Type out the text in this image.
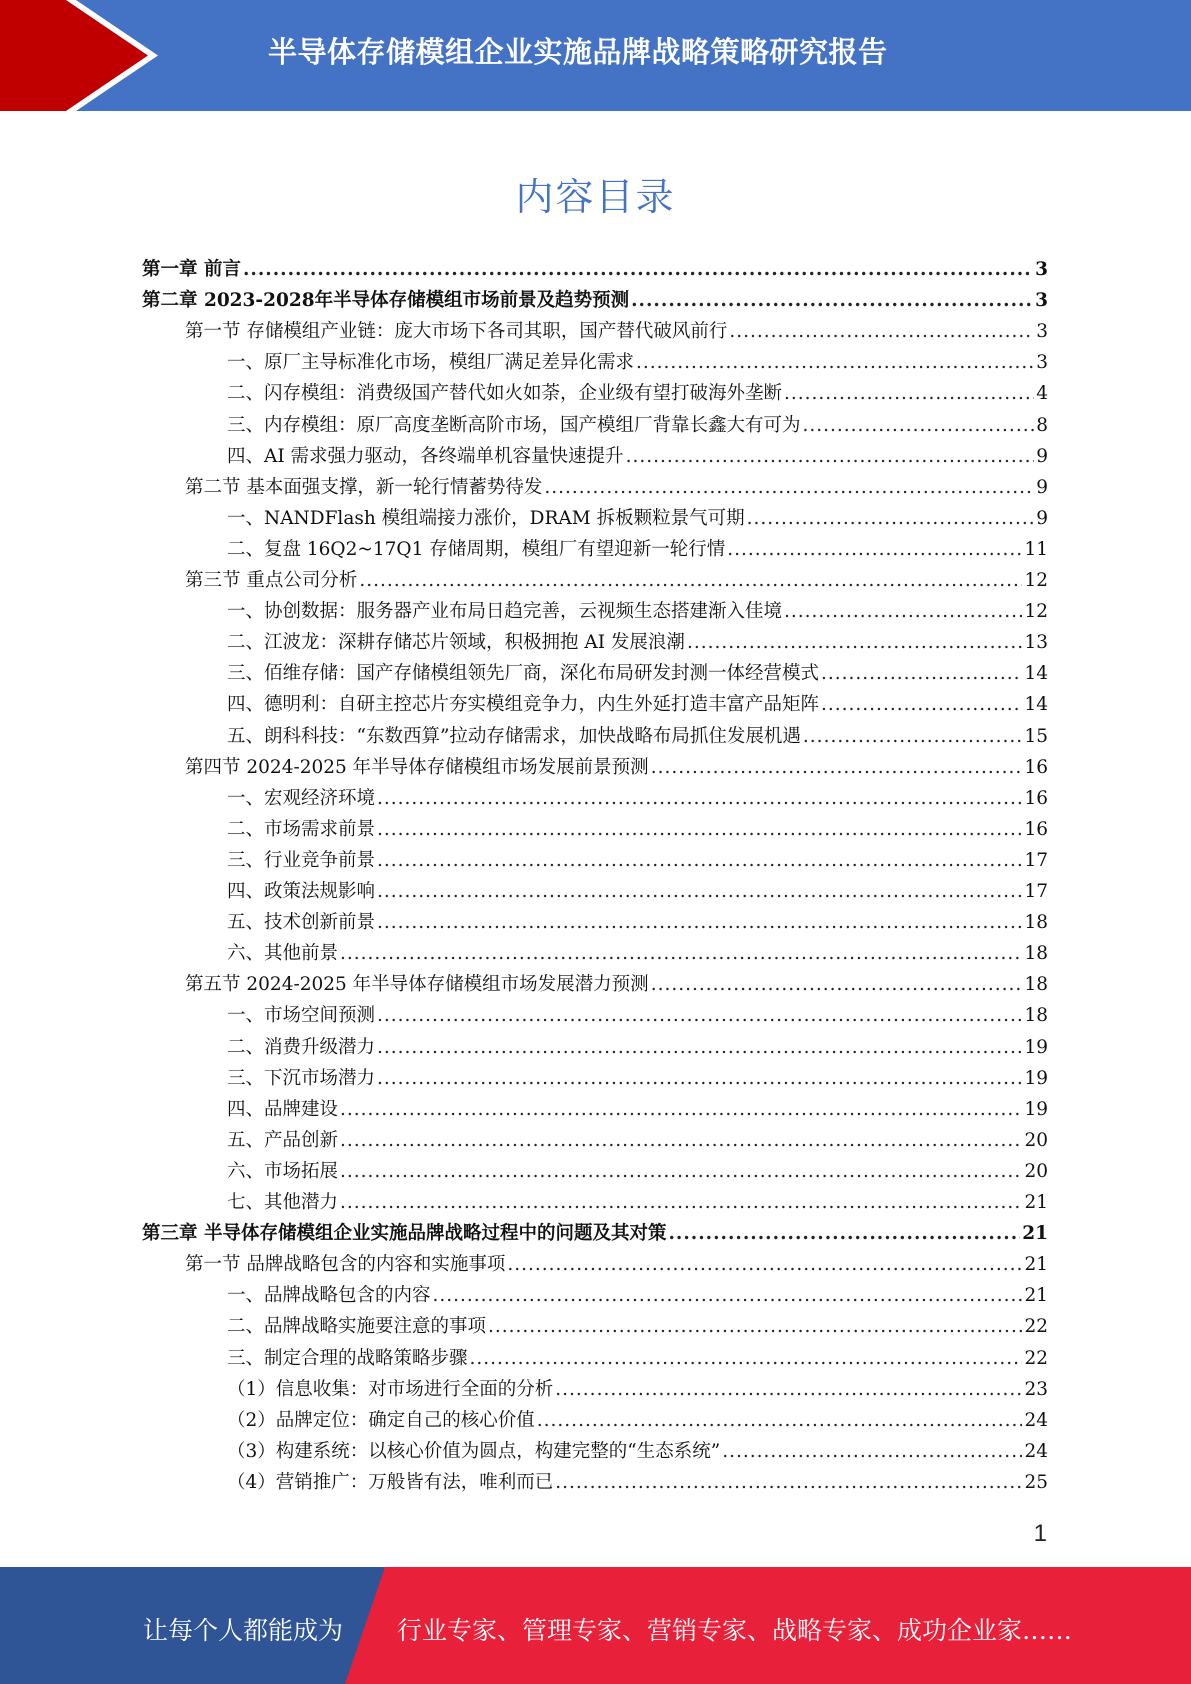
半导体存储模组企业实施品牌战略策略研究报告
内容目录
第一章 前言 .....	3
第二章 2023-2028年半导体存储模组市场前景及趋势预测 .....	3
第一节 存储模组产业链：庞大市场下各司其职，国产替代破风前行 .....	3
一、原厂主导标准化市场，模组厂满足差异化需求 .....	3
二、闪存模组：消费级国产替代如火如荼，企业级有望打破海外垄断 .....	4
三、内存模组：原厂高度垄断高阶市场，国产模组厂背靠长鑫大有可为 .....	8
四、AI 需求强力驱动，各终端单机容量快速提升 .....	9
第二节 基本面强支撑，新一轮行情蓄势待发 .....	9
一、NANDFlash 模组端接力涨价，DRAM 拆板颗粒景气可期 .....	9
二、复盘 16Q2~17Q1 存储周期，模组厂有望迎新一轮行情 .....	11
第三节 重点公司分析 .....	12
一、协创数据：服务器产业布局日趋完善，云视频生态搭建渐入佳境 .....	12
二、江波龙：深耕存储芯片领域，积极拥抱 AI 发展浪潮 .....	13
三、佰维存储：国产存储模组领先厂商，深化布局研发封测一体经营模式 .....	14
四、德明利：自研主控芯片夯实模组竞争力，内生外延打造丰富产品矩阵 .....	14
五、朗科科技：“东数西算”拉动存储需求，加快战略布局抓住发展机遇 .....	15
第四节 2024-2025 年半导体存储模组市场发展前景预测 .....	16
一、宏观经济环境 .....	16
二、市场需求前景 .....	16
三、行业竞争前景 .....	17
四、政策法规影响 .....	17
五、技术创新前景 .....	18
六、其他前景 .....	18
第五节 2024-2025 年半导体存储模组市场发展潜力预测 .....	18
一、市场空间预测 .....	18
二、消费升级潜力 .....	19
三、下沉市场潜力 .....	19
四、品牌建设 .....	19
五、产品创新 .....	20
六、市场拓展 .....	20
七、其他潜力 .....	21
第三章 半导体存储模组企业实施品牌战略过程中的问题及其对策 .....	21
第一节 品牌战略包含的内容和实施事项 .....	21
一、品牌战略包含的内容 .....	21
二、品牌战略实施要注意的事项 .....	22
三、制定合理的战略策略步骤 .....	22
（1）信息收集：对市场进行全面的分析 .....	23
（2）品牌定位：确定自己的核心价值 .....	24
（3）构建系统：以核心价值为圆点，构建完整的“生态系统” .....	24
（4）营销推广：万般皆有法，唯利而已 .....	25
1
让每个人都能成为 行业专家、管理专家、营销专家、战略专家、成功企业家……
